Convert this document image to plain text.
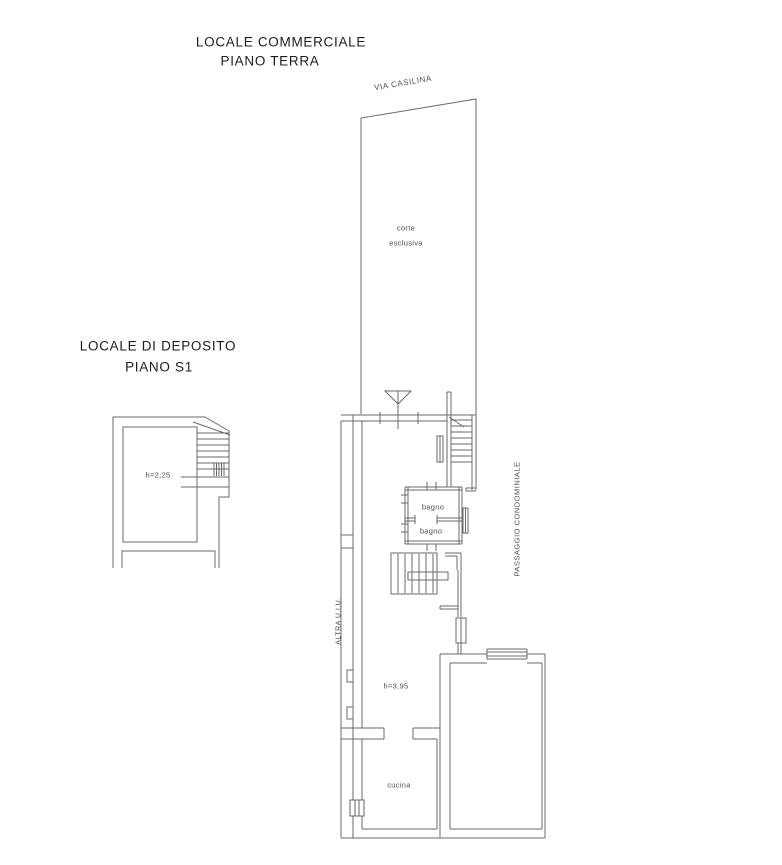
LOCALE COMMERCIALE
PIANO TERRA
LOCALE DI DEPOSITO
PIANO S1
VIA CASILINA
corte
esclusiva
h=2,25
bagno
bagno	PASSAGGIO CONDOMINIALE
ALTRA U.I.U.
h=3,95
cucina
